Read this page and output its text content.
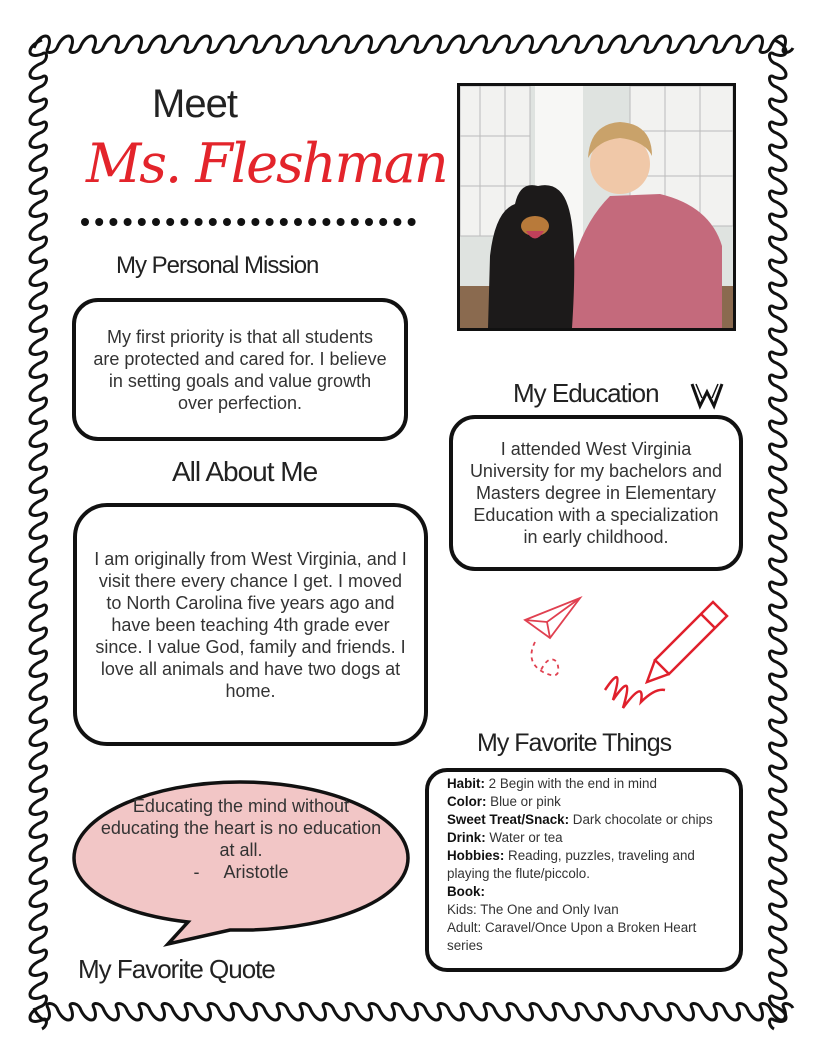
Meet
Ms. Fleshman
My Personal Mission
My first priority is that all students are protected and cared for. I believe in setting goals and value growth over perfection.
All About Me
I am originally from West Virginia, and I visit there every chance I get. I moved to North Carolina five years ago and have been teaching 4th grade ever since. I value God, family and friends. I love all animals and have two dogs at home.
My Education
I attended West Virginia University for my bachelors and Masters degree in Elementary Education with a specialization in early childhood.
My Favorite Things
Habit: 2 Begin with the end in mind
Color: Blue or pink
Sweet Treat/Snack: Dark chocolate or chips
Drink: Water or tea
Hobbies: Reading, puzzles, traveling and playing the flute/piccolo.
Book:
Kids: The One and Only Ivan
Adult: Caravel/Once Upon a Broken Heart series
Educating the mind without educating the heart is no education at all.
-     Aristotle
My Favorite Quote
